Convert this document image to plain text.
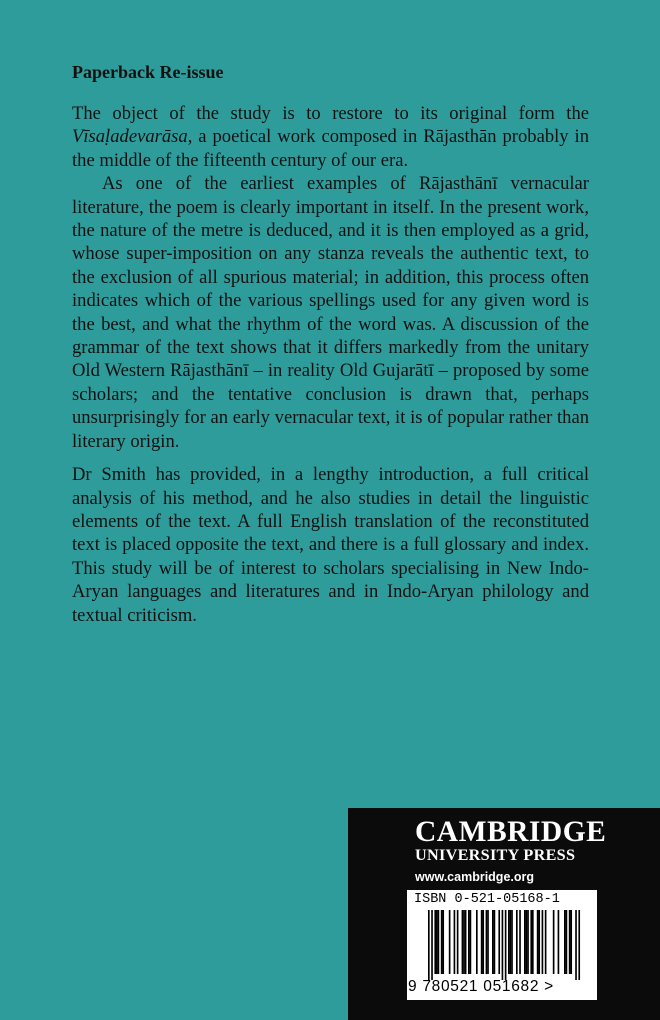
Paperback Re-issue

The object of the study is to restore to its original form the Vīsaḷadevarāsa, a poetical work composed in Rājasthān probably in the middle of the fifteenth century of our era.

As one of the earliest examples of Rājasthānī vernacular literature, the poem is clearly important in itself. In the present work, the nature of the metre is deduced, and it is then employed as a grid, whose super-imposition on any stanza reveals the authentic text, to the exclusion of all spurious material; in addition, this process often indicates which of the various spellings used for any given word is the best, and what the rhythm of the word was. A discussion of the grammar of the text shows that it differs markedly from the unitary Old Western Rājasthānī – in reality Old Gujarātī – proposed by some scholars; and the tentative conclusion is drawn that, perhaps unsurprisingly for an early vernacular text, it is of popular rather than literary origin.

Dr Smith has provided, in a lengthy introduction, a full critical analysis of his method, and he also studies in detail the linguistic elements of the text. A full English translation of the reconstituted text is placed opposite the text, and there is a full glossary and index. This study will be of interest to scholars specialising in New Indo-Aryan languages and literatures and in Indo-Aryan philology and textual criticism.

CAMBRIDGE
UNIVERSITY PRESS
www.cambridge.org
ISBN 0-521-05168-1
9 780521 051682 >
